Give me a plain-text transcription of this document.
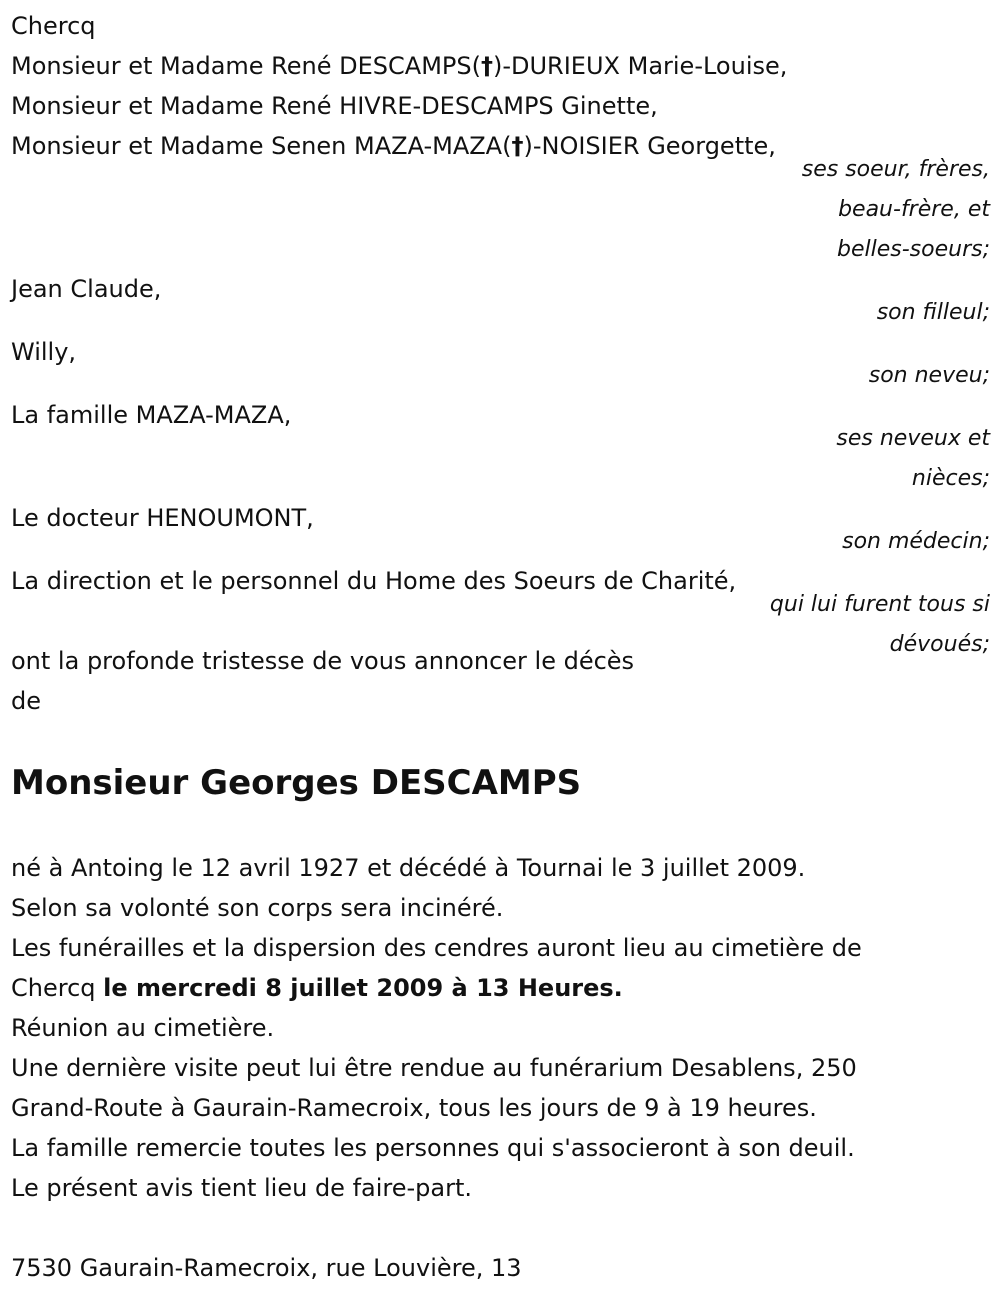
Chercq

Monsieur et Madame René DESCAMPS(†)-DURIEUX Marie-Louise,

Monsieur et Madame René HIVRE-DESCAMPS Ginette,

Monsieur et Madame Senen MAZA-MAZA(†)-NOISIER Georgette,

ses soeur, frères,
beau-frère, et
belles-soeurs;

Jean Claude,

son filleul;

Willy,

son neveu;

La famille MAZA-MAZA,

ses neveux et
nièces;

Le docteur HENOUMONT,

son médecin;

La direction et le personnel du Home des Soeurs de Charité,

qui lui furent tous si
dévoués;

ont la profonde tristesse de vous annoncer le décès

de

Monsieur Georges DESCAMPS

né à Antoing le 12 avril 1927 et décédé à Tournai le 3 juillet 2009.

Selon sa volonté son corps sera incinéré.

Les funérailles et la dispersion des cendres auront lieu au cimetière de

Chercq le mercredi 8 juillet 2009 à 13 Heures.

Réunion au cimetière.

Une dernière visite peut lui être rendue au funérarium Desablens, 250

Grand-Route à Gaurain-Ramecroix, tous les jours de 9 à 19 heures.

La famille remercie toutes les personnes qui s'associeront à son deuil.

Le présent avis tient lieu de faire-part.

7530 Gaurain-Ramecroix, rue Louvière, 13
